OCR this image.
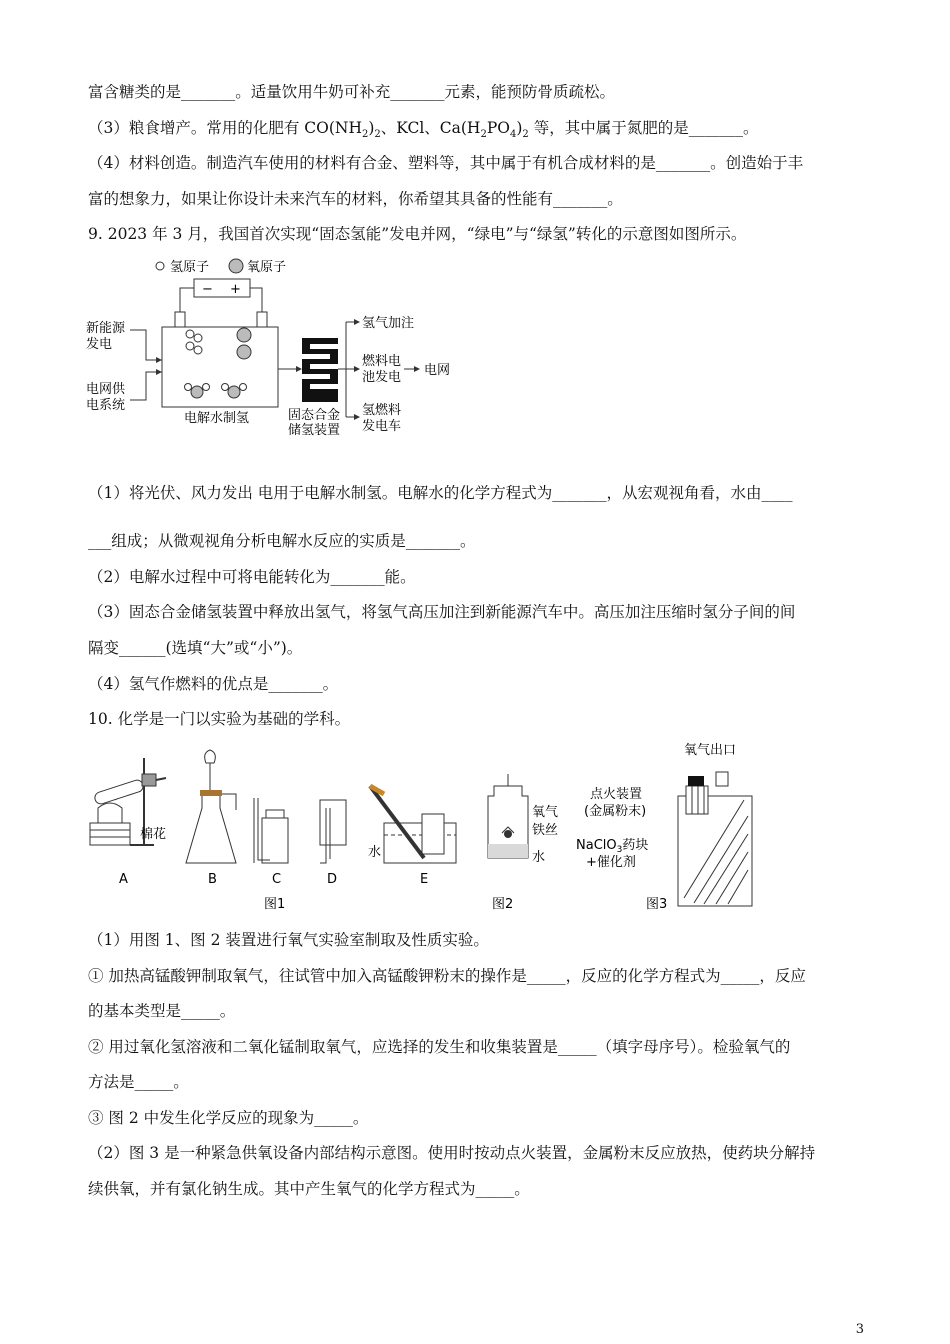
富含糖类的是_______。适量饮用牛奶可补充_______元素，能预防骨质疏松。
（3）粮食增产。常用的化肥有 $CO(NH_2)_2$、KCl、$Ca(H_2PO_4)_2$ 等，其中属于氮肥的是_______。
（4）材料创造。制造汽车使用的材料有合金、塑料等，其中属于有机合成材料的是_______。创造始于丰
富的想象力，如果让你设计未来汽车的材料，你希望其具备的性能有_______。
9. 2023 年 3 月，我国首次实现“固态氢能”发电并网，“绿电”与“绿氢”转化的示意图如图所示。
氢原子	氧原子
− +
电解水制氢
新能源
发电
电网供
电系统
固态合金
储氢装置
氢气加注
燃料电
池发电 电网
氢燃料
发电车
（1）将光伏、风力发出 电用于电解水制氢。电解水的化学方程式为_______，从宏观视角看，水由____
___组成；从微观视角分析电解水反应的实质是_______。
（2）电解水过程中可将电能转化为_______能。
（3）固态合金储氢装置中释放出氢气，将氢气高压加注到新能源汽车中。高压加注压缩时氢分子间的间
隔变______(选填“大”或“小”)。
（4）氢气作燃料的优点是_______。
10. 化学是一门以实验为基础的学科。
棉花
A	B	C	D
水
E
图1
氧气
铁丝
水
图2
氧气出口
点火装置
(金属粉末)
NaClO$_3$药块
+催化剂
图3
（1）用图 1、图 2 装置进行氧气实验室制取及性质实验。
① 加热高锰酸钾制取氧气，往试管中加入高锰酸钾粉末的操作是_____，反应的化学方程式为_____，反应
的基本类型是_____。
② 用过氧化氢溶液和二氧化锰制取氧气，应选择的发生和收集装置是_____（填字母序号）。检验氧气的
方法是_____。
③ 图 2 中发生化学反应的现象为_____。
（2）图 3 是一种紧急供氧设备内部结构示意图。使用时按动点火装置，金属粉末反应放热，使药块分解持
续供氧，并有氯化钠生成。其中产生氧气的化学方程式为_____。
3
